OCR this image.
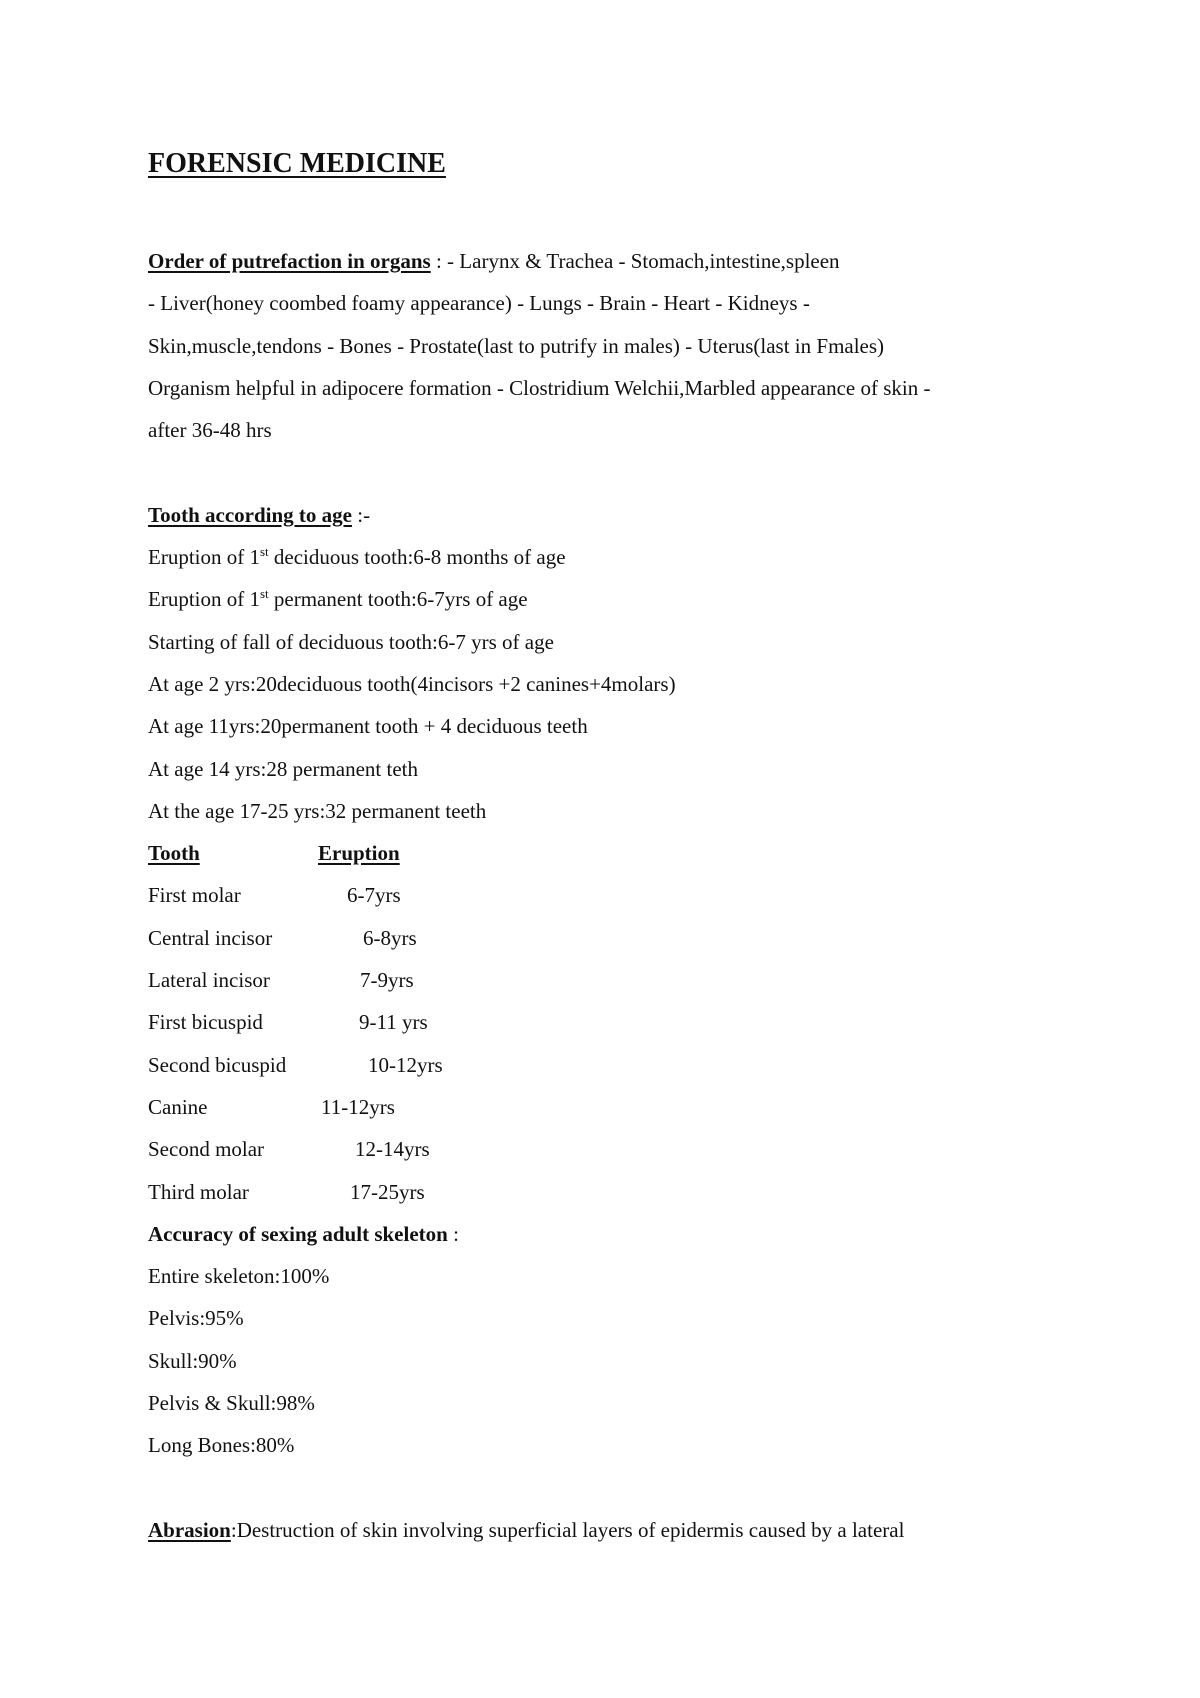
FORENSIC MEDICINE
Order of putrefaction in organs : - Larynx & Trachea - Stomach,intestine,spleen
- Liver(honey coombed foamy appearance) - Lungs - Brain - Heart - Kidneys -
Skin,muscle,tendons - Bones - Prostate(last to putrify in males) - Uterus(last in Fmales)
Organism helpful in adipocere formation - Clostridium Welchii,Marbled appearance of skin -
after 36-48 hrs
Tooth according to age :-
Eruption of 1st deciduous tooth:6-8 months of age
Eruption of 1st permanent tooth:6-7yrs of age
Starting of fall of deciduous tooth:6-7 yrs of age
At age 2 yrs:20deciduous tooth(4incisors +2 canines+4molars)
At age 11yrs:20permanent tooth + 4 deciduous teeth
At age 14 yrs:28 permanent teth
At the age 17-25 yrs:32 permanent teeth
Tooth	Eruption
First molar	6-7yrs
Central incisor	6-8yrs
Lateral incisor	7-9yrs
First bicuspid	9-11 yrs
Second bicuspid	10-12yrs
Canine	11-12yrs
Second molar	12-14yrs
Third molar	17-25yrs
Accuracy of sexing adult skeleton :
Entire skeleton:100%
Pelvis:95%
Skull:90%
Pelvis & Skull:98%
Long Bones:80%
Abrasion:Destruction of skin involving superficial layers of epidermis caused by a lateral
